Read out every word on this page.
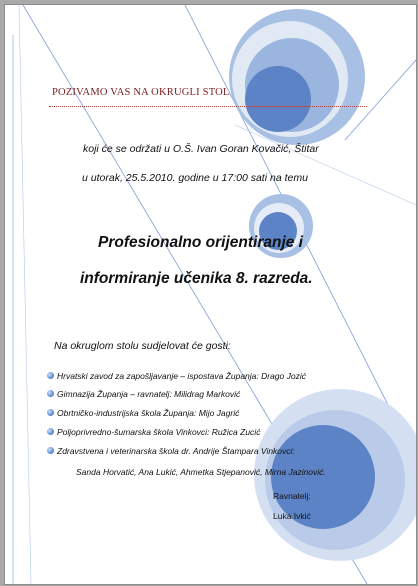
POZIVAMO VAS NA OKRUGLI STOL

koji će se održati u O.Š. Ivan Goran Kovačić, Štitar

u utorak, 25.5.2010. godine u 17:00 sati na temu

Profesionalno orijentiranje i

informiranje učenika 8. razreda.

Na okruglom stolu sudjelovat će gosti:

Hrvatski zavod za zapošljavanje – ispostava Županja: Drago Jozić

Gimnazija Županja – ravnatelj: Milidrag Marković

Obrtničko-industrijska škola Županja: Mijo Jagrić

Poljoprivredno-šumarska škola Vinkovci: Ružica Zucić

Zdravstvena i veterinarska škola dr. Andrije Štampara Vinkovci:

Sanda Horvatić, Ana Lukić, Ahmetka Stjepanović, Mirna Jazinović.

Ravnatelj:

Luka Ivkić
